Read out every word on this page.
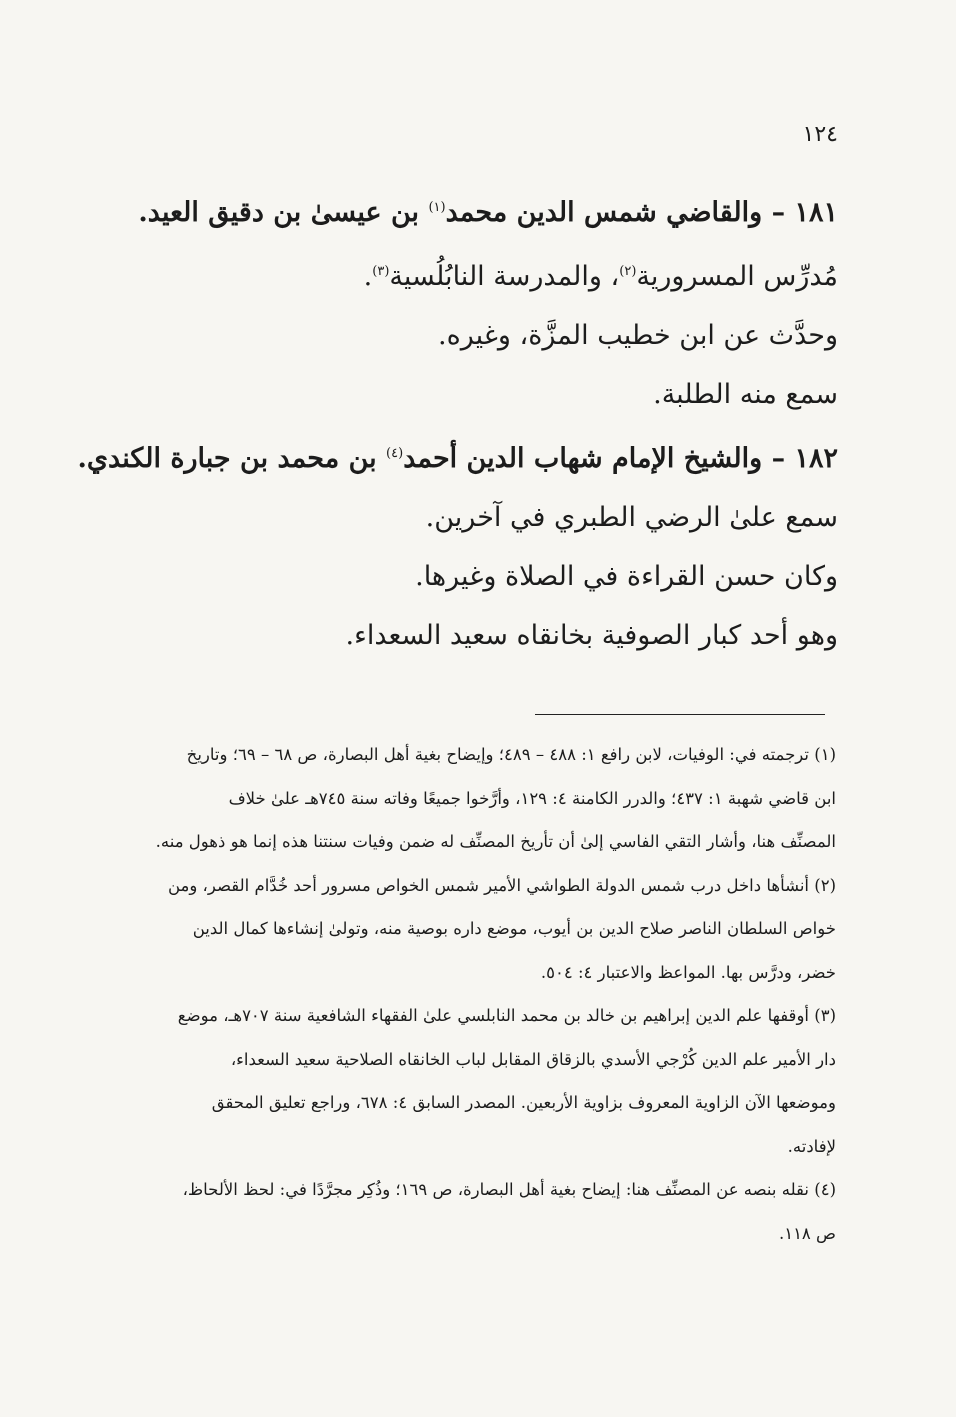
١٢٤
١٨١ – والقاضي شمس الدين محمد$^{(١)}$ بن عيسىٰ بن دقيق العيد.
مُدرِّس المسرورية$^{(٢)}$، والمدرسة النابُلُسية$^{(٣)}$.
وحدَّث عن ابن خطيب المزَّة، وغيره.
سمع منه الطلبة.
١٨٢ – والشيخ الإمام شهاب الدين أحمد$^{(٤)}$ بن محمد بن جبارة الكندي.
سمع علىٰ الرضي الطبري في آخرين.
وكان حسن القراءة في الصلاة وغيرها.
وهو أحد كبار الصوفية بخانقاه سعيد السعداء.

(١) ترجمته في: الوفيات، لابن رافع ١: ٤٨٨ – ٤٨٩؛ وإيضاح بغية أهل البصارة، ص ٦٨ – ٦٩؛ وتاريخ
ابن قاضي شهبة ١: ٤٣٧؛ والدرر الكامنة ٤: ١٢٩، وأرَّخوا جميعًا وفاته سنة ٧٤٥هـ علىٰ خلاف
المصنِّف هنا، وأشار التقي الفاسي إلىٰ أن تأريخ المصنِّف له ضمن وفيات سنتنا هذه إنما هو ذهول منه.

(٢) أنشأها داخل درب شمس الدولة الطواشي الأمير شمس الخواص مسرور أحد خُدَّام القصر، ومن
خواص السلطان الناصر صلاح الدين بن أيوب، موضع داره بوصية منه، وتولىٰ إنشاءها كمال الدين
خضر، ودرَّس بها. المواعظ والاعتبار ٤: ٥٠٤.

(٣) أوقفها علم الدين إبراهيم بن خالد بن محمد النابلسي علىٰ الفقهاء الشافعية سنة ٧٠٧هـ، موضع
دار الأمير علم الدين كُرْجي الأسدي بالزقاق المقابل لباب الخانقاه الصلاحية سعيد السعداء،
وموضعها الآن الزاوية المعروف بزاوية الأربعين. المصدر السابق ٤: ٦٧٨، وراجع تعليق المحقق
لإفادته.

(٤) نقله بنصه عن المصنِّف هنا: إيضاح بغية أهل البصارة، ص ١٦٩؛ وذُكِر مجرَّدًا في: لحظ الألحاظ،
ص ١١٨.
